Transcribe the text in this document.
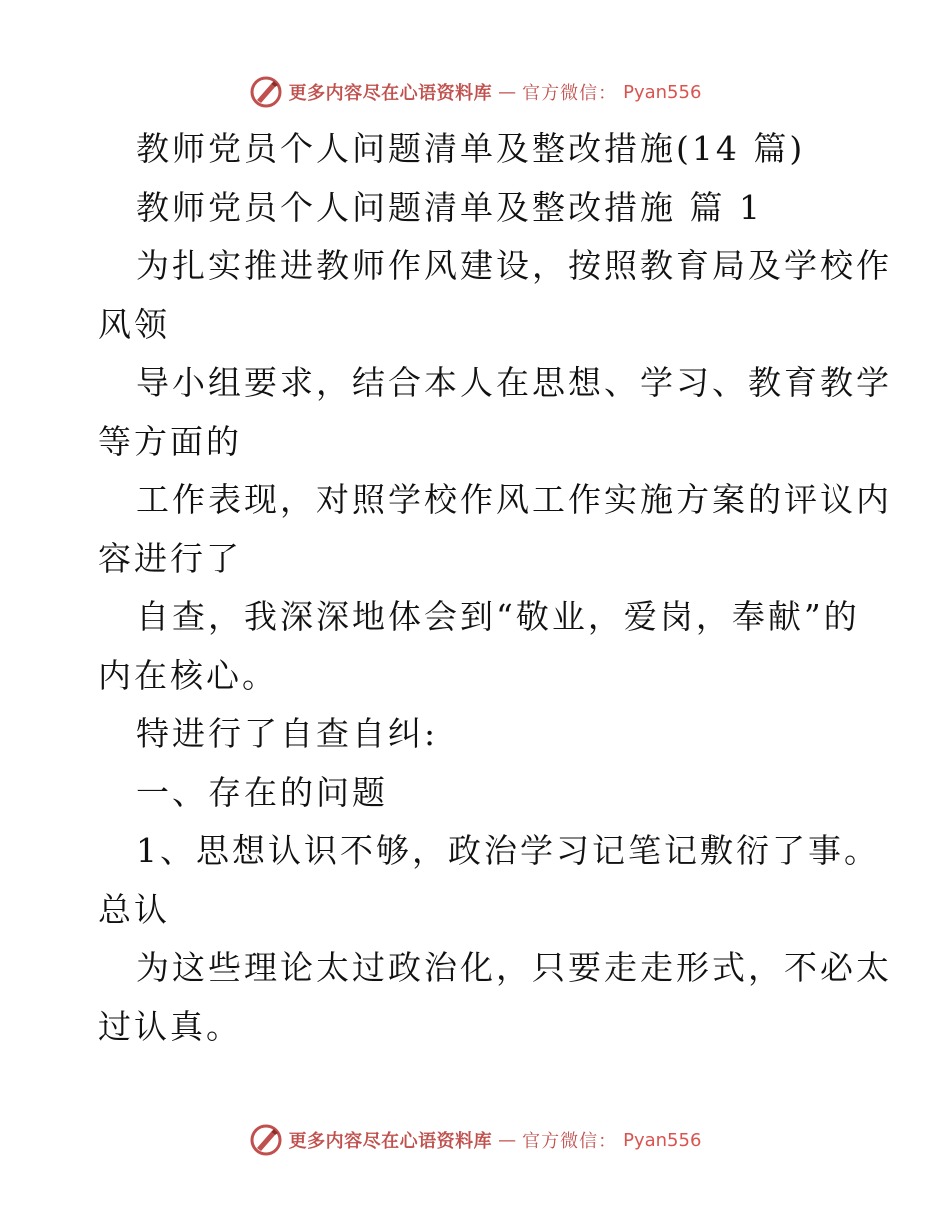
更多内容尽在心语资料库 — 官方微信： Pyan556
教师党员个人问题清单及整改措施(14 篇)
教师党员个人问题清单及整改措施 篇 1
为扎实推进教师作风建设，按照教育局及学校作
风领
导小组要求，结合本人在思想、学习、教育教学
等方面的
工作表现，对照学校作风工作实施方案的评议内
容进行了
自查，我深深地体会到“敬业，爱岗，奉献”的
内在核心。
特进行了自查自纠:
一、存在的问题
1、思想认识不够，政治学习记笔记敷衍了事。
总认
为这些理论太过政治化，只要走走形式，不必太
过认真。
更多内容尽在心语资料库 — 官方微信： Pyan556
